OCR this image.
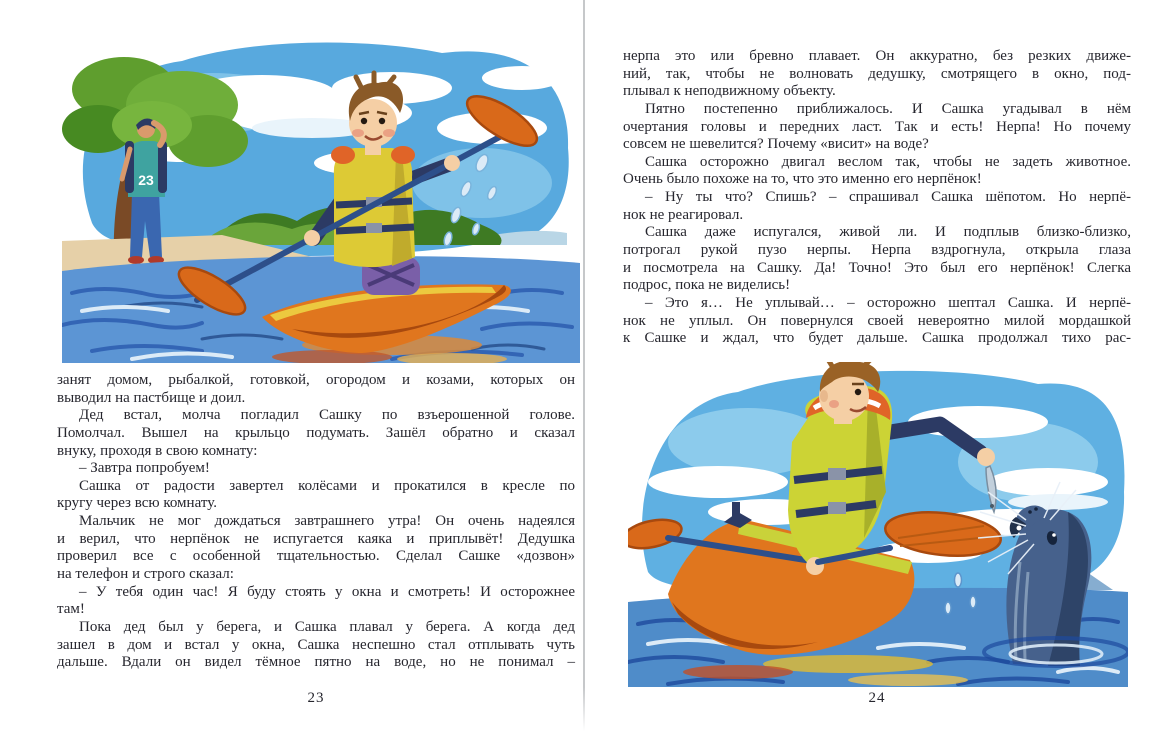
23
занят домом, рыбалкой, готовкой, огородом и козами, которых он
выводил на пастбище и доил.
Дед встал, молча погладил Сашку по взъерошенной голове.
Помолчал. Вышел на крыльцо подумать. Зашёл обратно и сказал
внуку, проходя в свою комнату:
– Завтра попробуем!
Сашка от радости завертел колёсами и прокатился в кресле по
кругу через всю комнату.
Мальчик не мог дождаться завтрашнего утра! Он очень надеялся
и верил, что нерпёнок не испугается каяка и приплывёт! Дедушка
проверил все с особенной тщательностью. Сделал Сашке «дозвон»
на телефон и строго сказал:
– У тебя один час! Я буду стоять у окна и смотреть! И осторожнее
там!
Пока дед был у берега, и Сашка плавал у берега. А когда дед
зашел в дом и встал у окна, Сашка неспешно стал отплывать чуть
дальше. Вдали он видел тёмное пятно на воде, но не понимал –
23
нерпа это или бревно плавает. Он аккуратно, без резких движе-
ний, так, чтобы не волновать дедушку, смотрящего в окно, под-
плывал к неподвижному объекту.
Пятно постепенно приближалось. И Сашка угадывал в нём
очертания головы и передних ласт. Так и есть! Нерпа! Но почему
совсем не шевелится? Почему «висит» на воде?
Сашка осторожно двигал веслом так, чтобы не задеть животное.
Очень было похоже на то, что это именно его нерпёнок!
– Ну ты что? Спишь? – спрашивал Сашка шёпотом. Но нерпё-
нок не реагировал.
Сашка даже испугался, живой ли. И подплыв близко-близко,
потрогал рукой пузо нерпы. Нерпа вздрогнула, открыла глаза
и посмотрела на Сашку. Да! Точно! Это был его нерпёнок! Слегка
подрос, пока не виделись!
– Это я… Не уплывай… – осторожно шептал Сашка. И нерпё-
нок не уплыл. Он повернулся своей невероятно милой мордашкой
к Сашке и ждал, что будет дальше. Сашка продолжал тихо рас-
24
